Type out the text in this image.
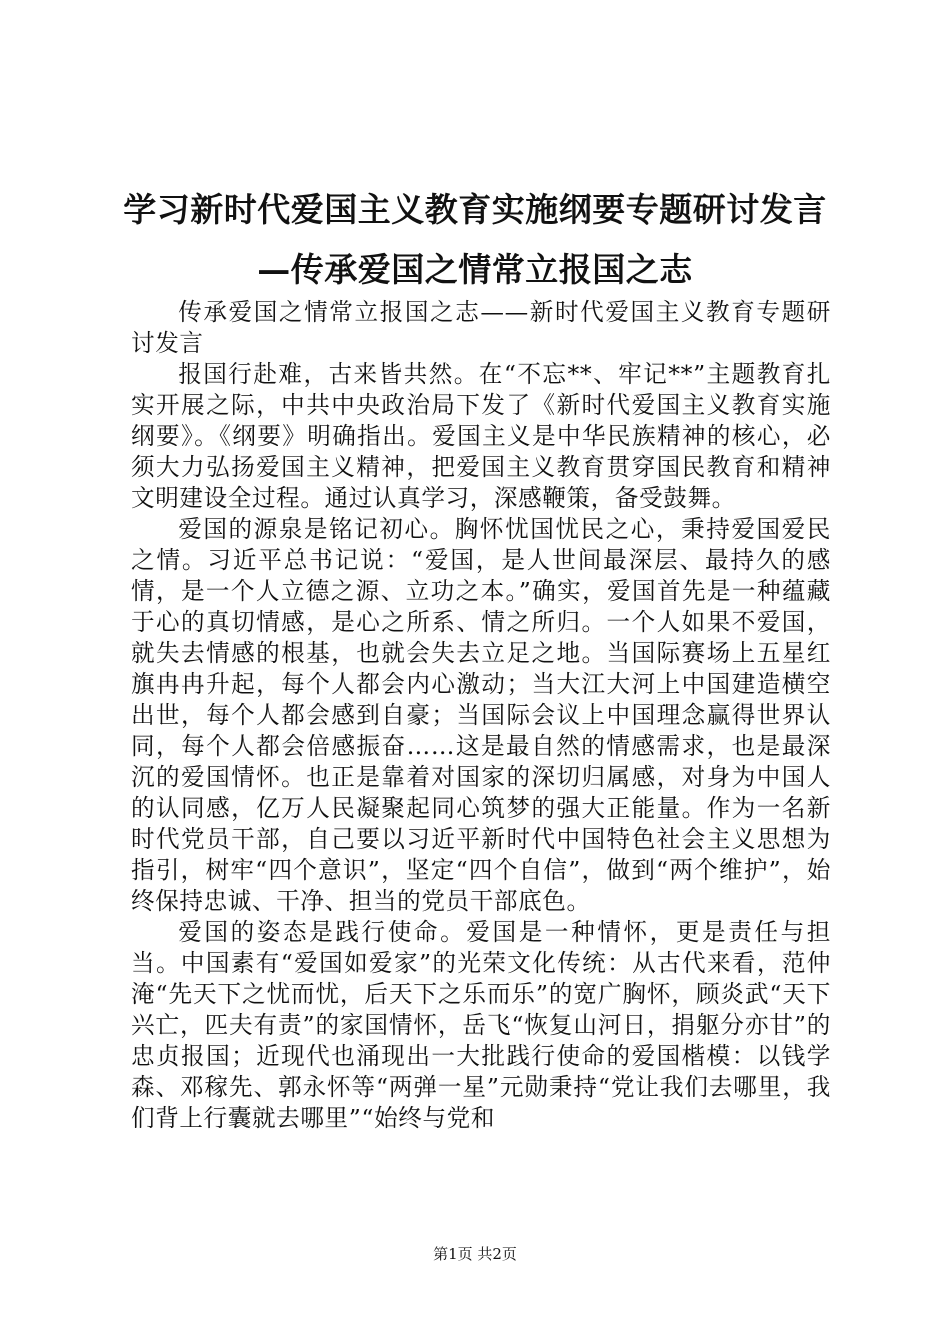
学习新时代爱国主义教育实施纲要专题研讨发言—传承爱国之情常立报国之志

传承爱国之情常立报国之志——新时代爱国主义教育专题研讨发言

报国行赴难，古来皆共然。在“不忘**、牢记**”主题教育扎实开展之际，中共中央政治局下发了《新时代爱国主义教育实施纲要》。《纲要》明确指出。爱国主义是中华民族精神的核心，必须大力弘扬爱国主义精神，把爱国主义教育贯穿国民教育和精神文明建设全过程。通过认真学习，深感鞭策，备受鼓舞。

爱国的源泉是铭记初心。胸怀忧国忧民之心，秉持爱国爱民之情。习近平总书记说：“爱国，是人世间最深层、最持久的感情，是一个人立德之源、立功之本。”确实，爱国首先是一种蕴藏于心的真切情感，是心之所系、情之所归。一个人如果不爱国，就失去情感的根基，也就会失去立足之地。当国际赛场上五星红旗冉冉升起，每个人都会内心激动；当大江大河上中国建造横空出世，每个人都会感到自豪；当国际会议上中国理念赢得世界认同，每个人都会倍感振奋……这是最自然的情感需求，也是最深沉的爱国情怀。也正是靠着对国家的深切归属感，对身为中国人的认同感，亿万人民凝聚起同心筑梦的强大正能量。作为一名新时代党员干部，自己要以习近平新时代中国特色社会主义思想为指引，树牢“四个意识”，坚定“四个自信”，做到“两个维护”，始终保持忠诚、干净、担当的党员干部底色。

爱国的姿态是践行使命。爱国是一种情怀，更是责任与担当。中国素有“爱国如爱家”的光荣文化传统：从古代来看，范仲淹“先天下之忧而忧，后天下之乐而乐”的宽广胸怀，顾炎武“天下兴亡，匹夫有责”的家国情怀，岳飞“恢复山河日，捐躯分亦甘”的忠贞报国；近现代也涌现出一大批践行使命的爱国楷模：以钱学森、邓稼先、郭永怀等“两弹一星”元勋秉持“党让我们去哪里，我们背上行囊就去哪里”“始终与党和

第1页 共2页
